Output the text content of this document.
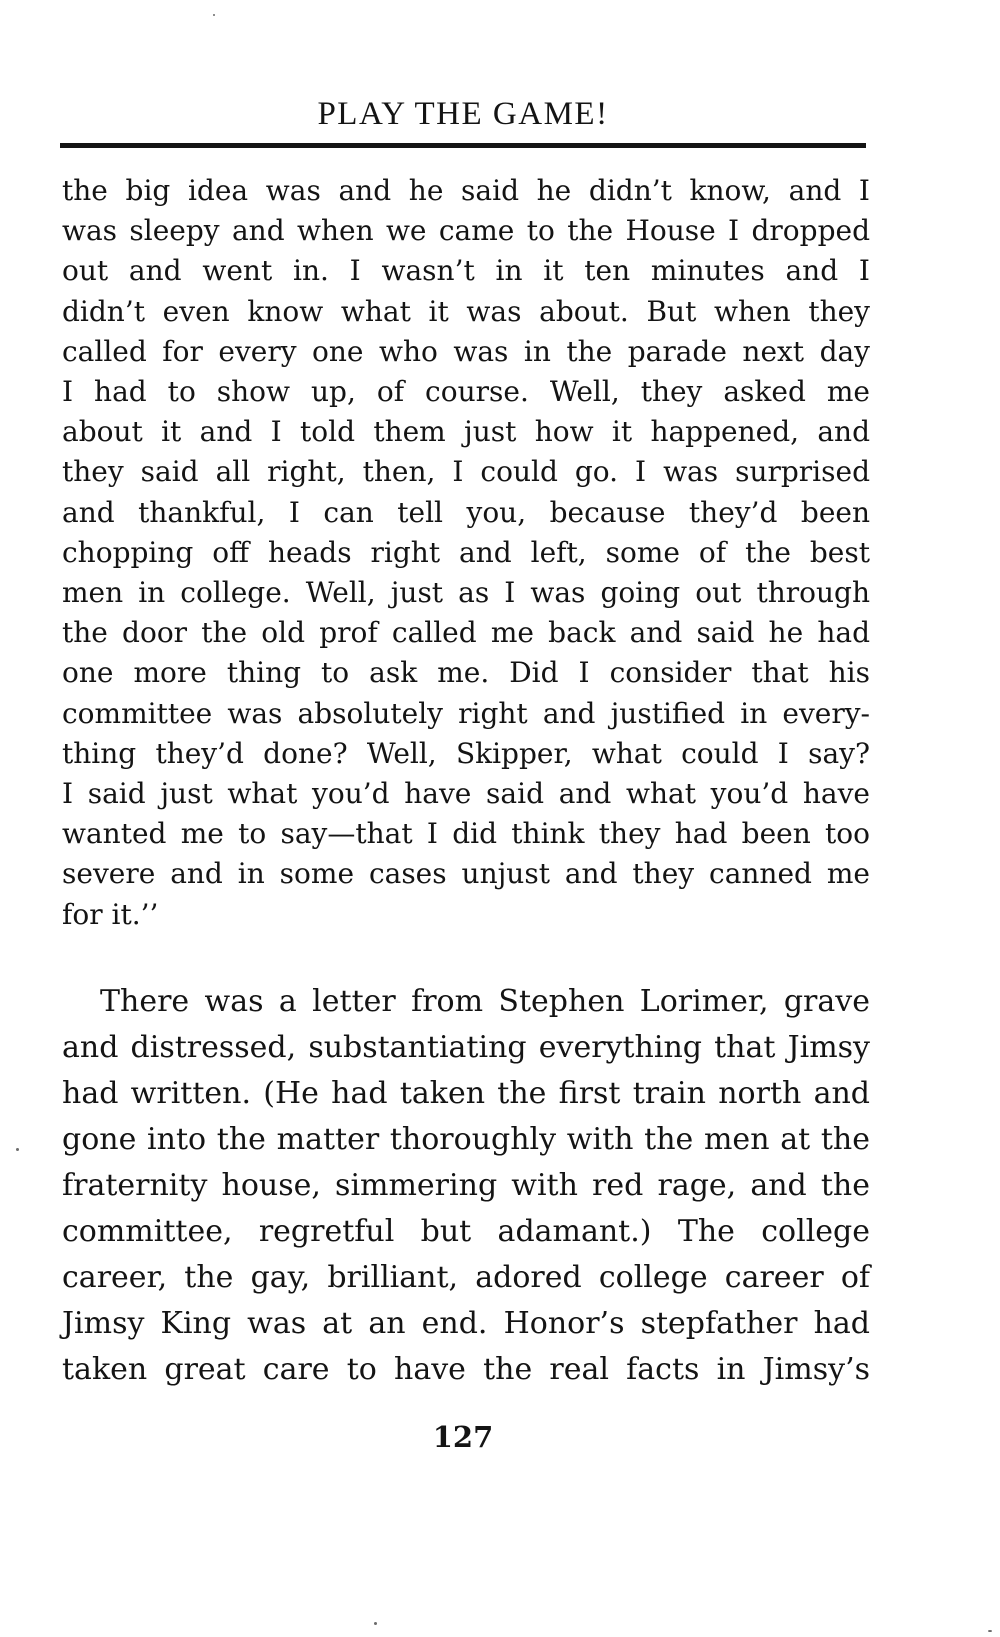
PLAY THE GAME!
the big idea was and he said he didn’t know, and I
was sleepy and when we came to the House I dropped
out and went in. I wasn’t in it ten minutes and I
didn’t even know what it was about. But when they
called for every one who was in the parade next day
I had to show up, of course. Well, they asked me
about it and I told them just how it happened, and
they said all right, then, I could go. I was surprised
and thankful, I can tell you, because they’d been
chopping off heads right and left, some of the best
men in college. Well, just as I was going out through
the door the old prof called me back and said he had
one more thing to ask me. Did I consider that his
committee was absolutely right and justified in every-
thing they’d done? Well, Skipper, what could I say?
I said just what you’d have said and what you’d have
wanted me to say—that I did think they had been too
severe and in some cases unjust and they canned me
for it.’’
There was a letter from Stephen Lorimer, grave
and distressed, substantiating everything that Jimsy
had written. (He had taken the first train north and
gone into the matter thoroughly with the men at the
fraternity house, simmering with red rage, and the
committee, regretful but adamant.) The college
career, the gay, brilliant, adored college career of
Jimsy King was at an end. Honor’s stepfather had
taken great care to have the real facts in Jimsy’s
127
